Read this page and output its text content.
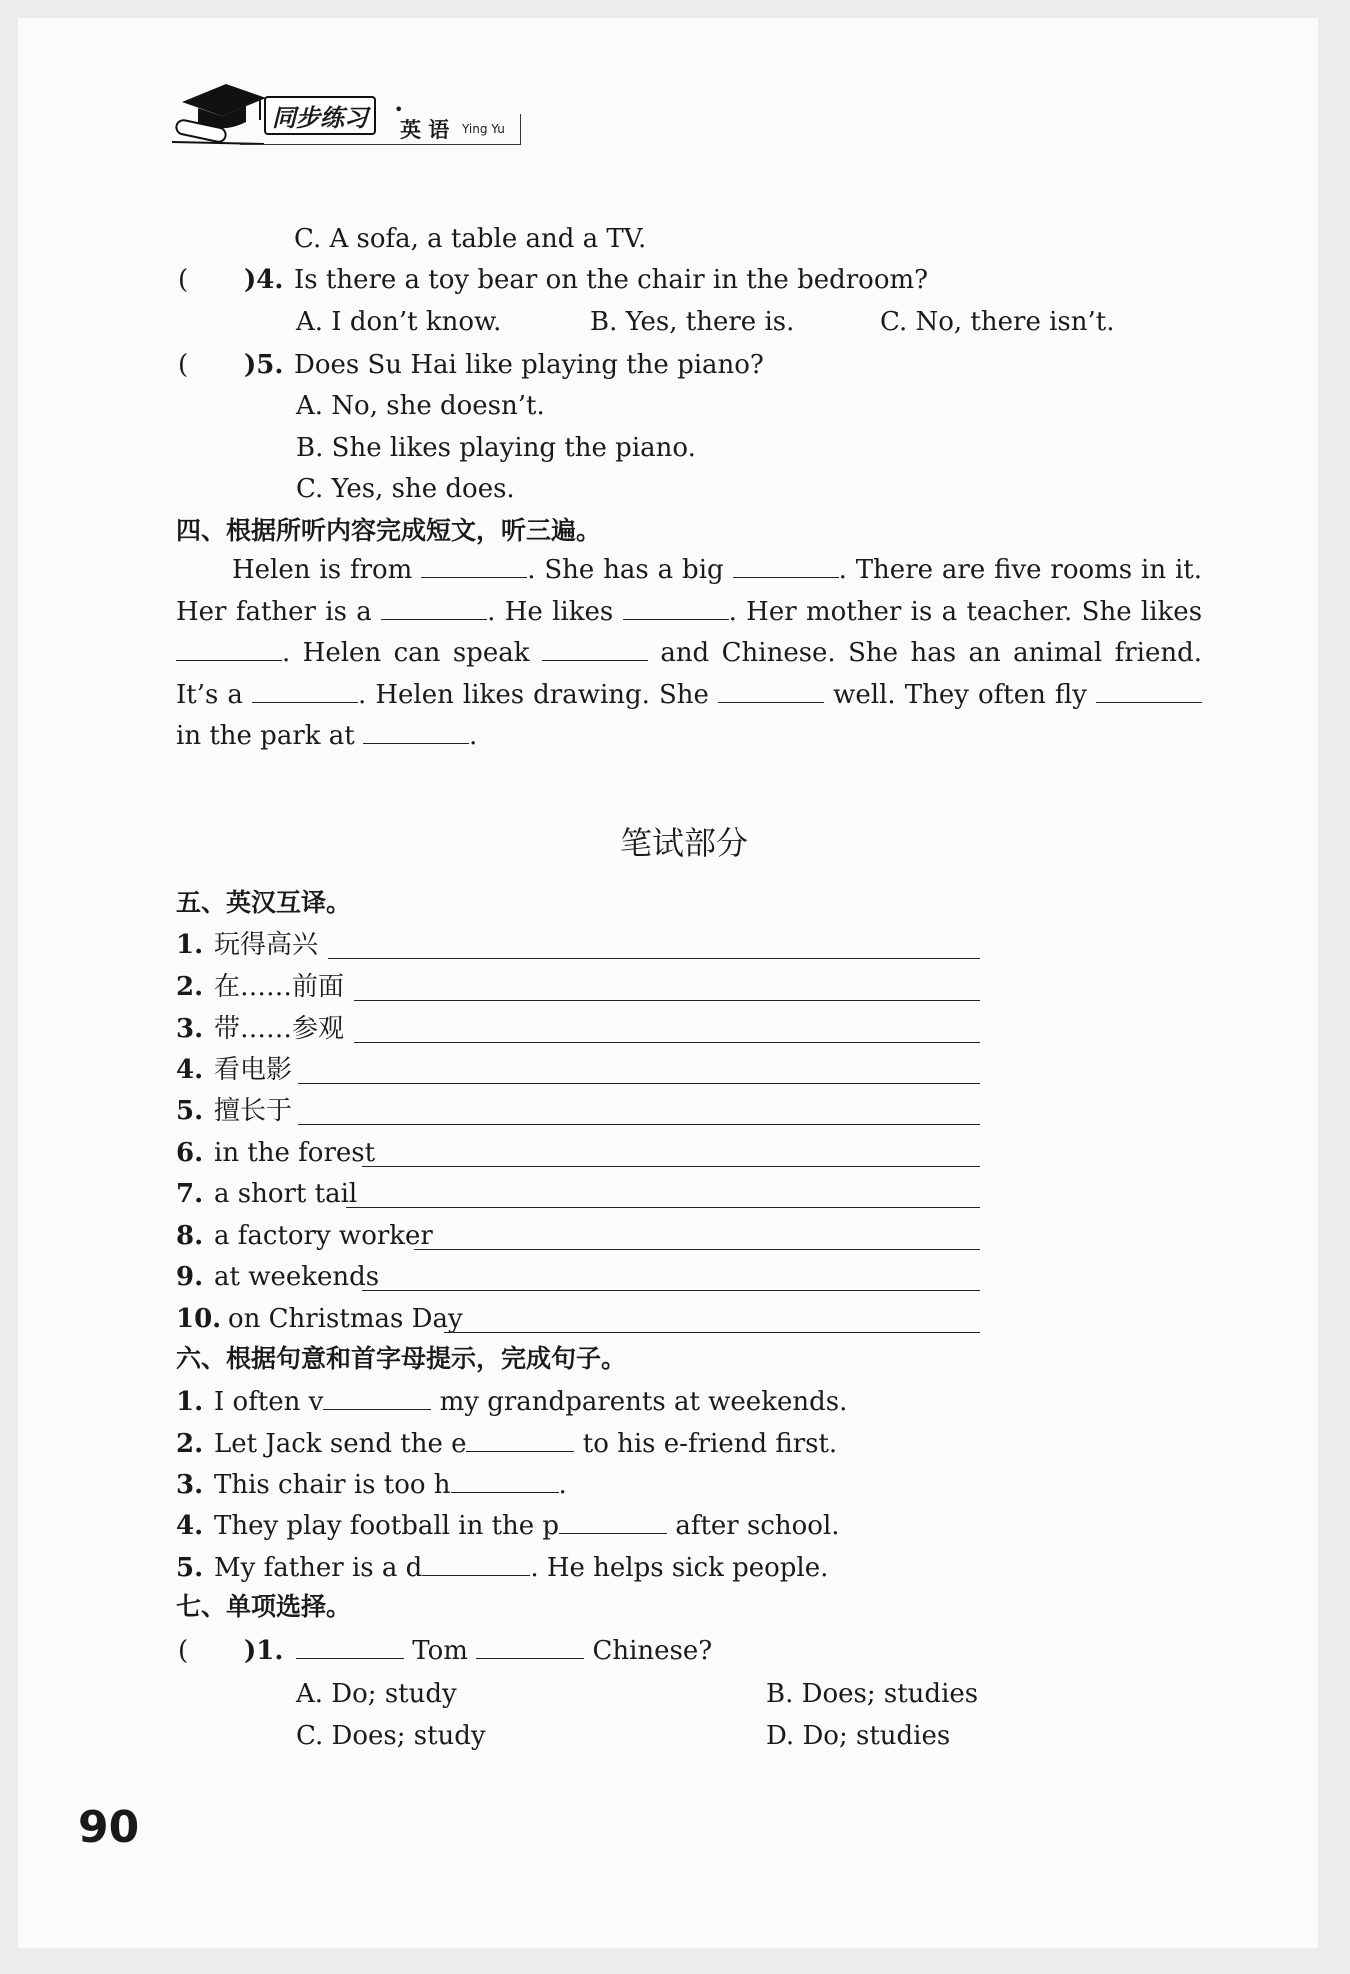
同步练习	•
英 语 Ying Yu
C. A sofa, a table and a TV.
( )4. Is there a toy bear on the chair in the bedroom?
A. I don’t know.	B. Yes, there is.	C. No, there isn’t.
( )5. Does Su Hai like playing the piano?
A. No, she doesn’t.
B. She likes playing the piano.
C. Yes, she does.
四、根据所听内容完成短文，听三遍。

Helen is from	. She has a big	. There are five rooms in it. Her father is a	. He likes	. Her mother is a teacher. She likes . Helen can speak	and Chinese. She has an animal friend. It’s a	. Helen likes drawing. She	well. They often fly  in the park at	.

笔试部分
五、英汉互译。
1. 玩得高兴
2. 在……前面
3. 带……参观
4. 看电影
5. 擅长于
6. in the forest
7. a short tail
8. a factory worker
9. at weekends
10. on Christmas Day
六、根据句意和首字母提示，完成句子。
1. I often v	my grandparents at weekends.
2. Let Jack send the e	to his e-friend first.
3. This chair is too h	.
4. They play football in the p	after school.
5. My father is a d	. He helps sick people.
七、单项选择。
( )1.	Tom	Chinese?
A. Do; study	B. Does; studies
C. Does; study	D. Do; studies
90
